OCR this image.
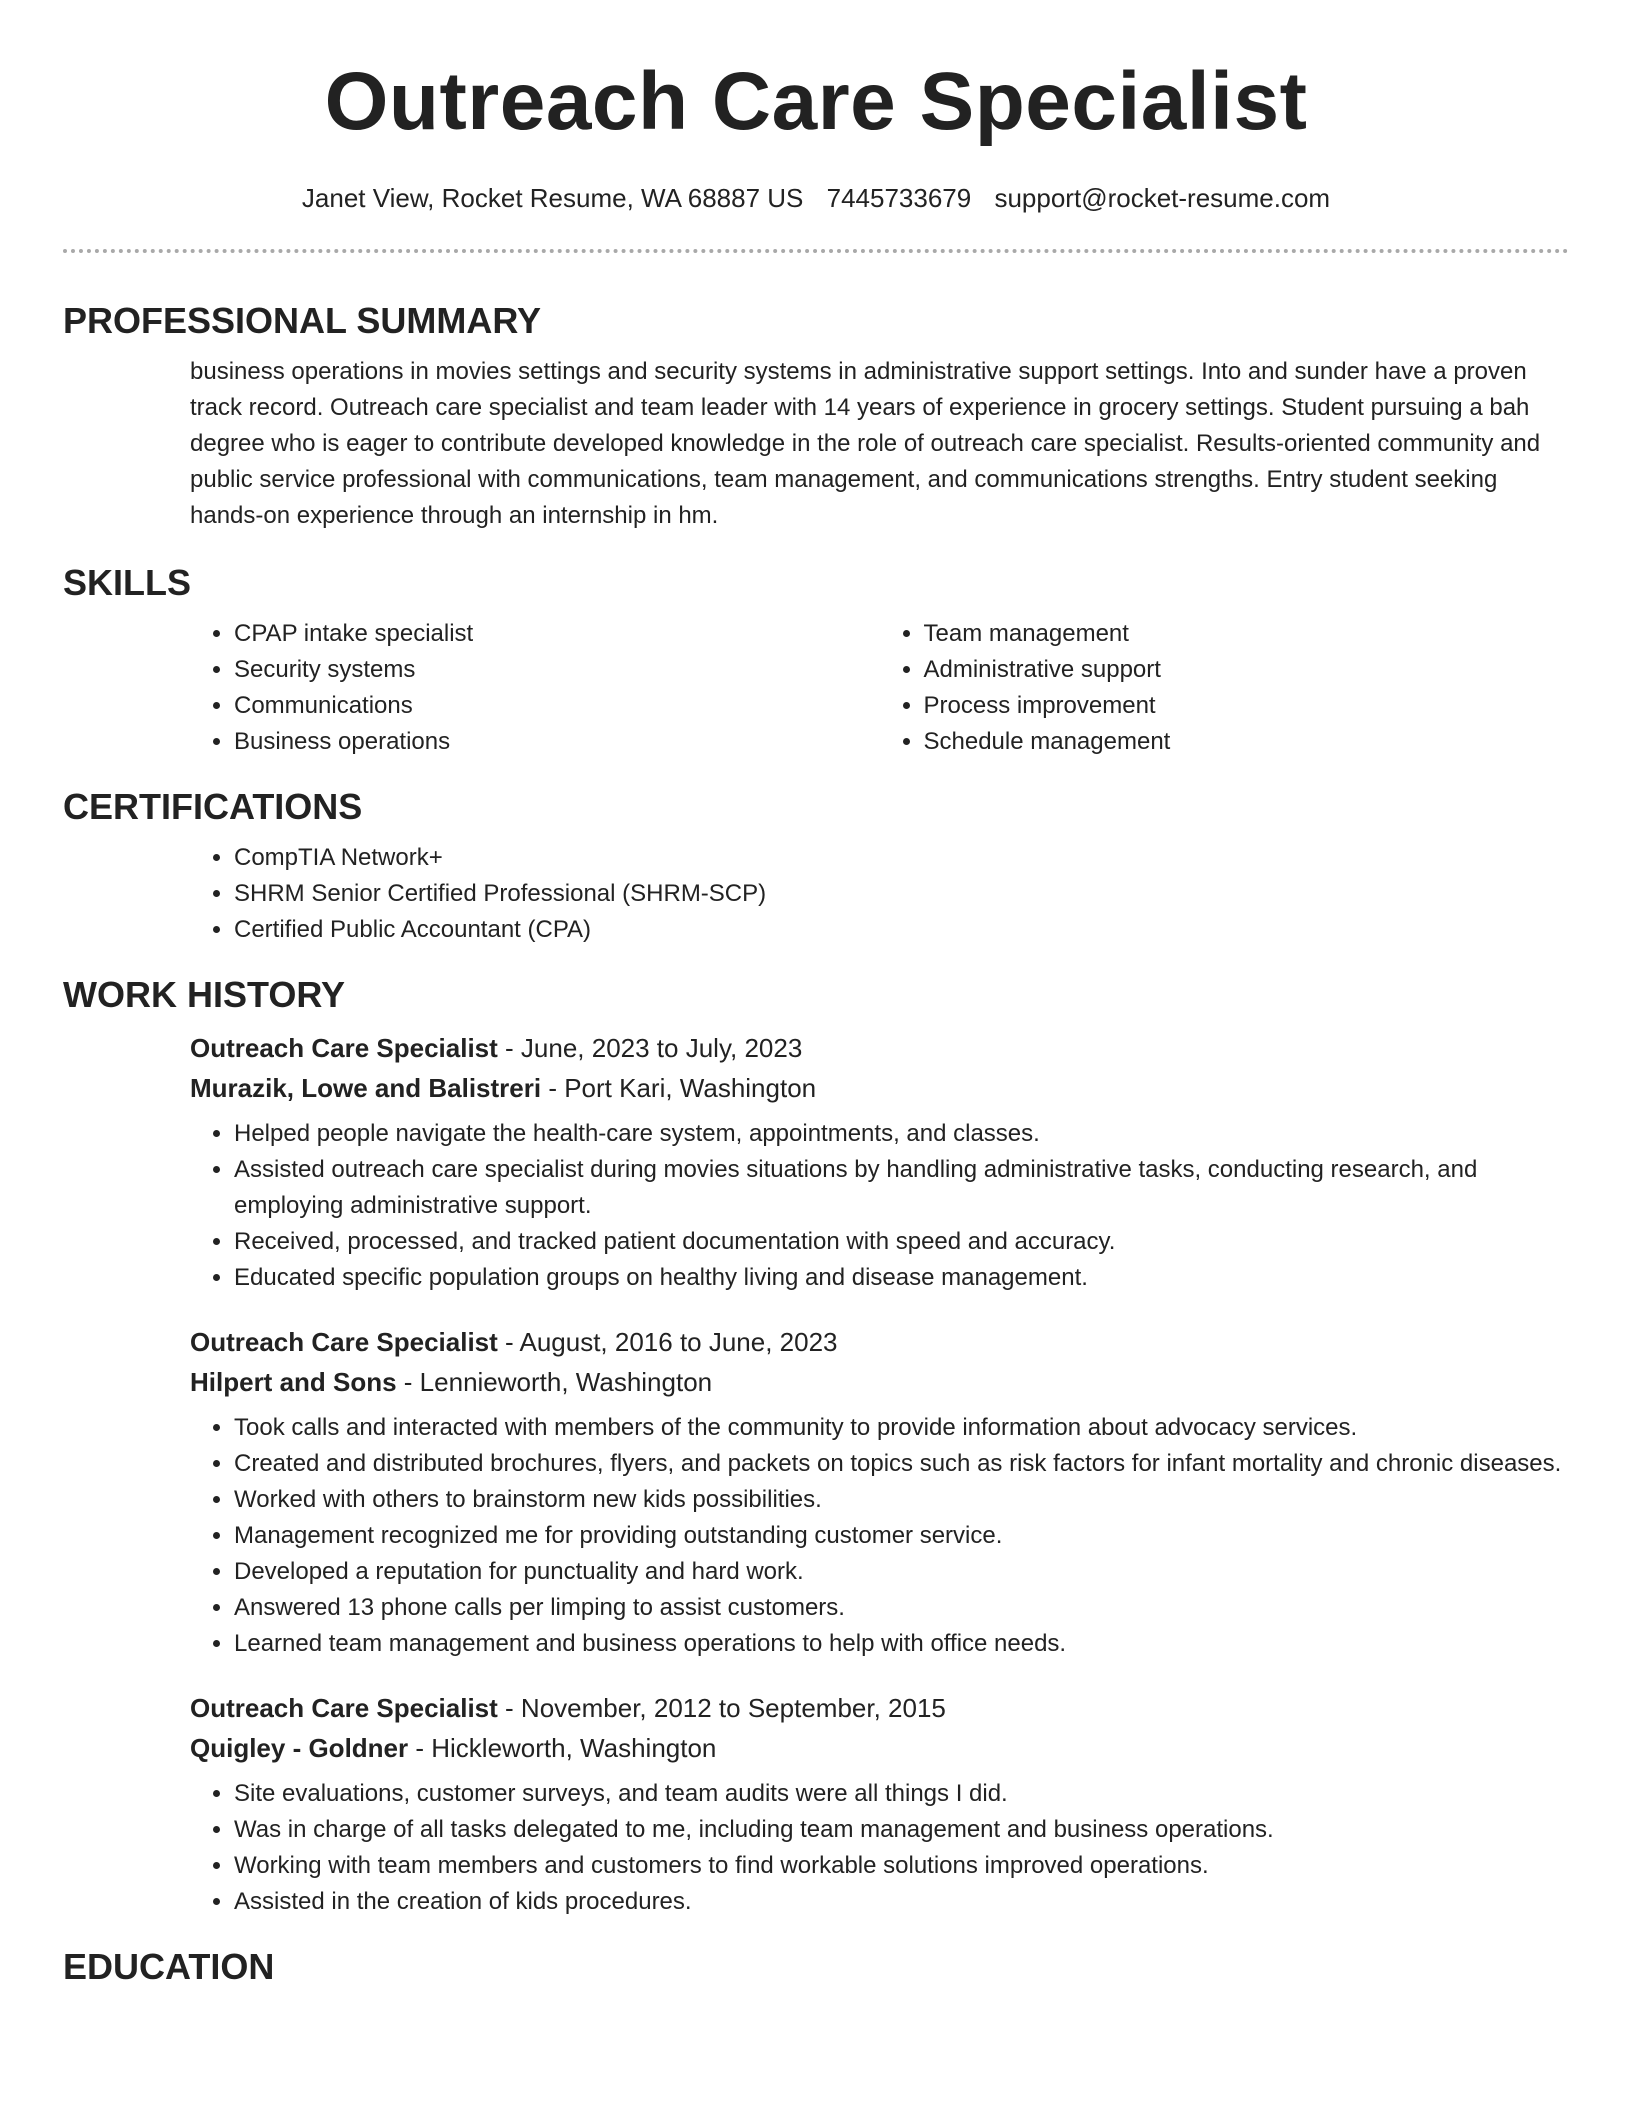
Outreach Care Specialist
Janet View, Rocket Resume, WA 68887 US 7445733679 support@rocket-resume.com
PROFESSIONAL SUMMARY

business operations in movies settings and security systems in administrative support settings. Into and sunder have a proven track record. Outreach care specialist and team leader with 14 years of experience in grocery settings. Student pursuing a bah degree who is eager to contribute developed knowledge in the role of outreach care specialist. Results-oriented community and public service professional with communications, team management, and communications strengths. Entry student seeking hands-on experience through an internship in hm.

SKILLS
• CPAP intake specialist
• Security systems
• Communications
• Business operations
• Team management
• Administrative support
• Process improvement
• Schedule management
CERTIFICATIONS
• CompTIA Network+
• SHRM Senior Certified Professional (SHRM-SCP)
• Certified Public Accountant (CPA)
WORK HISTORY
Outreach Care Specialist - June, 2023 to July, 2023
Murazik, Lowe and Balistreri - Port Kari, Washington
• Helped people navigate the health-care system, appointments, and classes.
• Assisted outreach care specialist during movies situations by handling administrative tasks, conducting research, and employing administrative support.
• Received, processed, and tracked patient documentation with speed and accuracy.
• Educated specific population groups on healthy living and disease management.
Outreach Care Specialist - August, 2016 to June, 2023
Hilpert and Sons - Lennieworth, Washington
• Took calls and interacted with members of the community to provide information about advocacy services.
• Created and distributed brochures, flyers, and packets on topics such as risk factors for infant mortality and chronic diseases.
• Worked with others to brainstorm new kids possibilities.
• Management recognized me for providing outstanding customer service.
• Developed a reputation for punctuality and hard work.
• Answered 13 phone calls per limping to assist customers.
• Learned team management and business operations to help with office needs.
Outreach Care Specialist - November, 2012 to September, 2015
Quigley - Goldner - Hickleworth, Washington
• Site evaluations, customer surveys, and team audits were all things I did.
• Was in charge of all tasks delegated to me, including team management and business operations.
• Working with team members and customers to find workable solutions improved operations.
• Assisted in the creation of kids procedures.
EDUCATION
